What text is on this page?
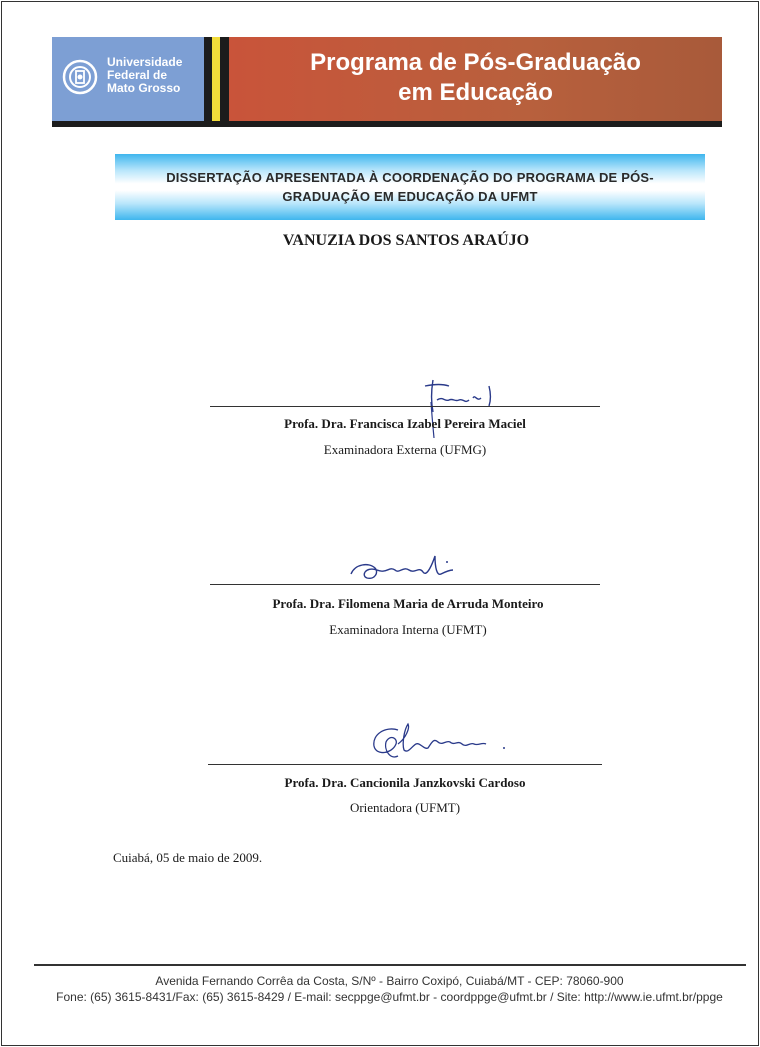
Universidade
Federal de
Mato Grosso
Programa de Pós-Graduação
em Educação
DISSERTAÇÃO APRESENTADA À COORDENAÇÃO DO PROGRAMA DE PÓS-
GRADUAÇÃO EM EDUCAÇÃO DA UFMT
VANUZIA DOS SANTOS ARAÚJO
Profa. Dra. Francisca Izabel Pereira Maciel
Examinadora Externa (UFMG)
Profa. Dra. Filomena Maria de Arruda Monteiro
Examinadora Interna (UFMT)
Profa. Dra. Cancionila Janzkovski Cardoso
Orientadora (UFMT)
Cuiabá, 05 de maio de 2009.
Avenida Fernando Corrêa da Costa, S/Nº - Bairro Coxipó, Cuiabá/MT - CEP: 78060-900
Fone: (65) 3615-8431/Fax: (65) 3615-8429 / E-mail: secppge@ufmt.br - coordppge@ufmt.br / Site: http://www.ie.ufmt.br/ppge
